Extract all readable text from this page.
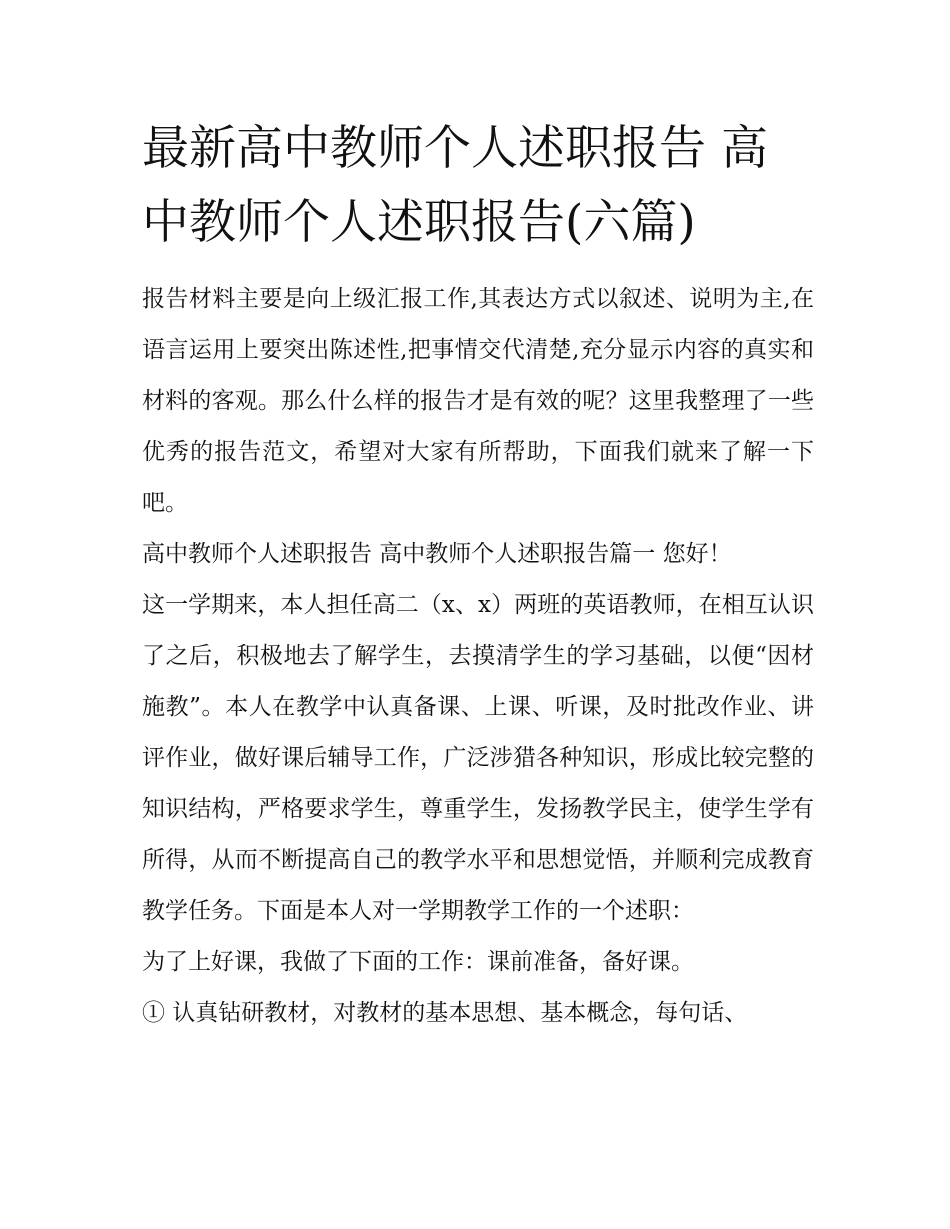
最新高中教师个人述职报告 高
中教师个人述职报告(六篇)

报告材料主要是向上级汇报工作,其表达方式以叙述、说明为主,在语言运用上要突出陈述性,把事情交代清楚,充分显示内容的真实和材料的客观。那么什么样的报告才是有效的呢？这里我整理了一些优秀的报告范文，希望对大家有所帮助，下面我们就来了解一下吧。

高中教师个人述职报告 高中教师个人述职报告篇一 您好！

这一学期来，本人担任高二（x、x）两班的英语教师，在相互认识了之后，积极地去了解学生，去摸清学生的学习基础，以便“因材施教”。本人在教学中认真备课、上课、听课，及时批改作业、讲评作业，做好课后辅导工作，广泛涉猎各种知识，形成比较完整的知识结构，严格要求学生，尊重学生，发扬教学民主，使学生学有所得，从而不断提高自己的教学水平和思想觉悟，并顺利完成教育教学任务。下面是本人对一学期教学工作的一个述职：

为了上好课，我做了下面的工作：课前准备，备好课。

① 认真钻研教材，对教材的基本思想、基本概念，每句话、
